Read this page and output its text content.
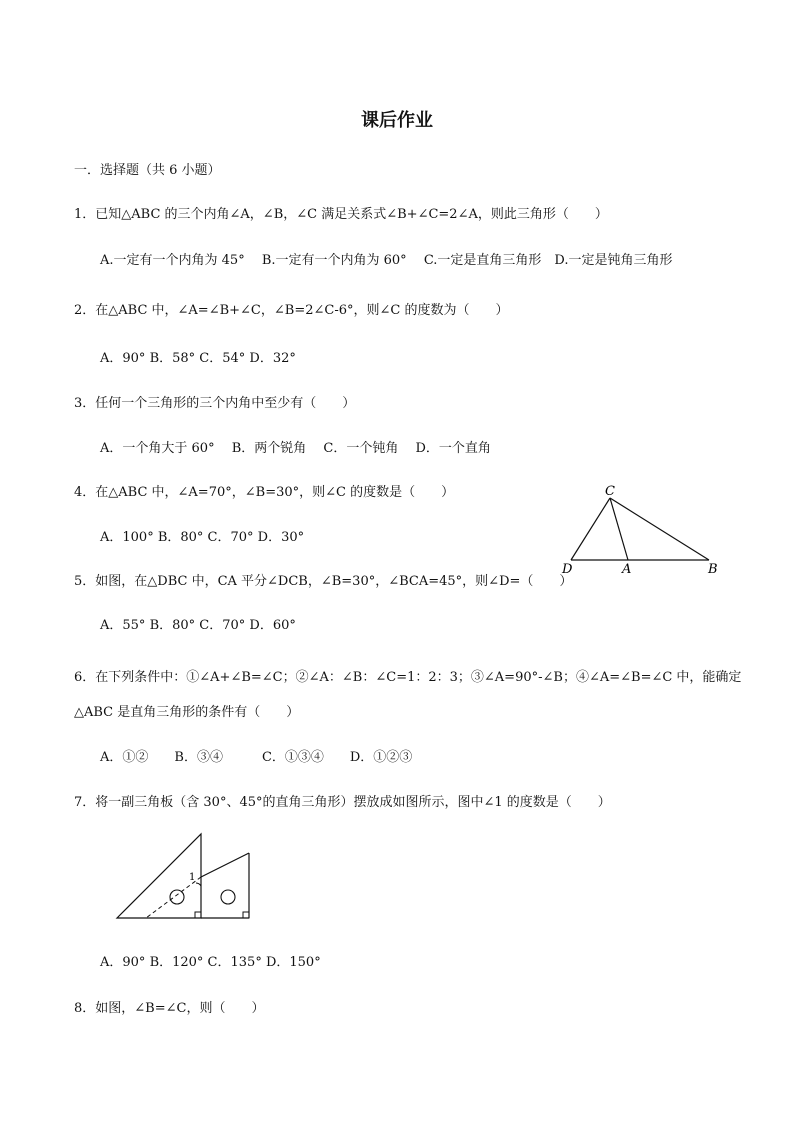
课后作业
一．选择题（共 6 小题）
1．已知△ABC 的三个内角∠A，∠B，∠C 满足关系式∠B+∠C=2∠A，则此三角形（　　）
A.一定有一个内角为 45°　 B.一定有一个内角为 60°　 C.一定是直角三角形　D.一定是钝角三角形
2．在△ABC 中，∠A=∠B+∠C，∠B=2∠C-6°，则∠C 的度数为（　　）
A．90° B．58° C．54° D．32°
3．任何一个三角形的三个内角中至少有（　　）
A．一个角大于 60°　 B．两个锐角　 C．一个钝角　 D．一个直角
4．在△ABC 中，∠A=70°，∠B=30°，则∠C 的度数是（　　）
A．100° B．80° C．70° D．30°
C
D	A	B
5．如图，在△DBC 中，CA 平分∠DCB，∠B=30°，∠BCA=45°，则∠D=（　　）
A．55° B．80° C．70° D．60°
6．在下列条件中：①∠A+∠B=∠C；②∠A：∠B：∠C=1：2：3；③∠A=90°-∠B；④∠A=∠B=∠C 中，能确定
△ABC 是直角三角形的条件有（　　）
A．①②　　B．③④　　　C．①③④　　D．①②③
7．将一副三角板（含 30°、45°的直角三角形）摆放成如图所示，图中∠1 的度数是（　　）
1
A．90° B．120° C．135° D．150°
8．如图，∠B=∠C，则（　　）
